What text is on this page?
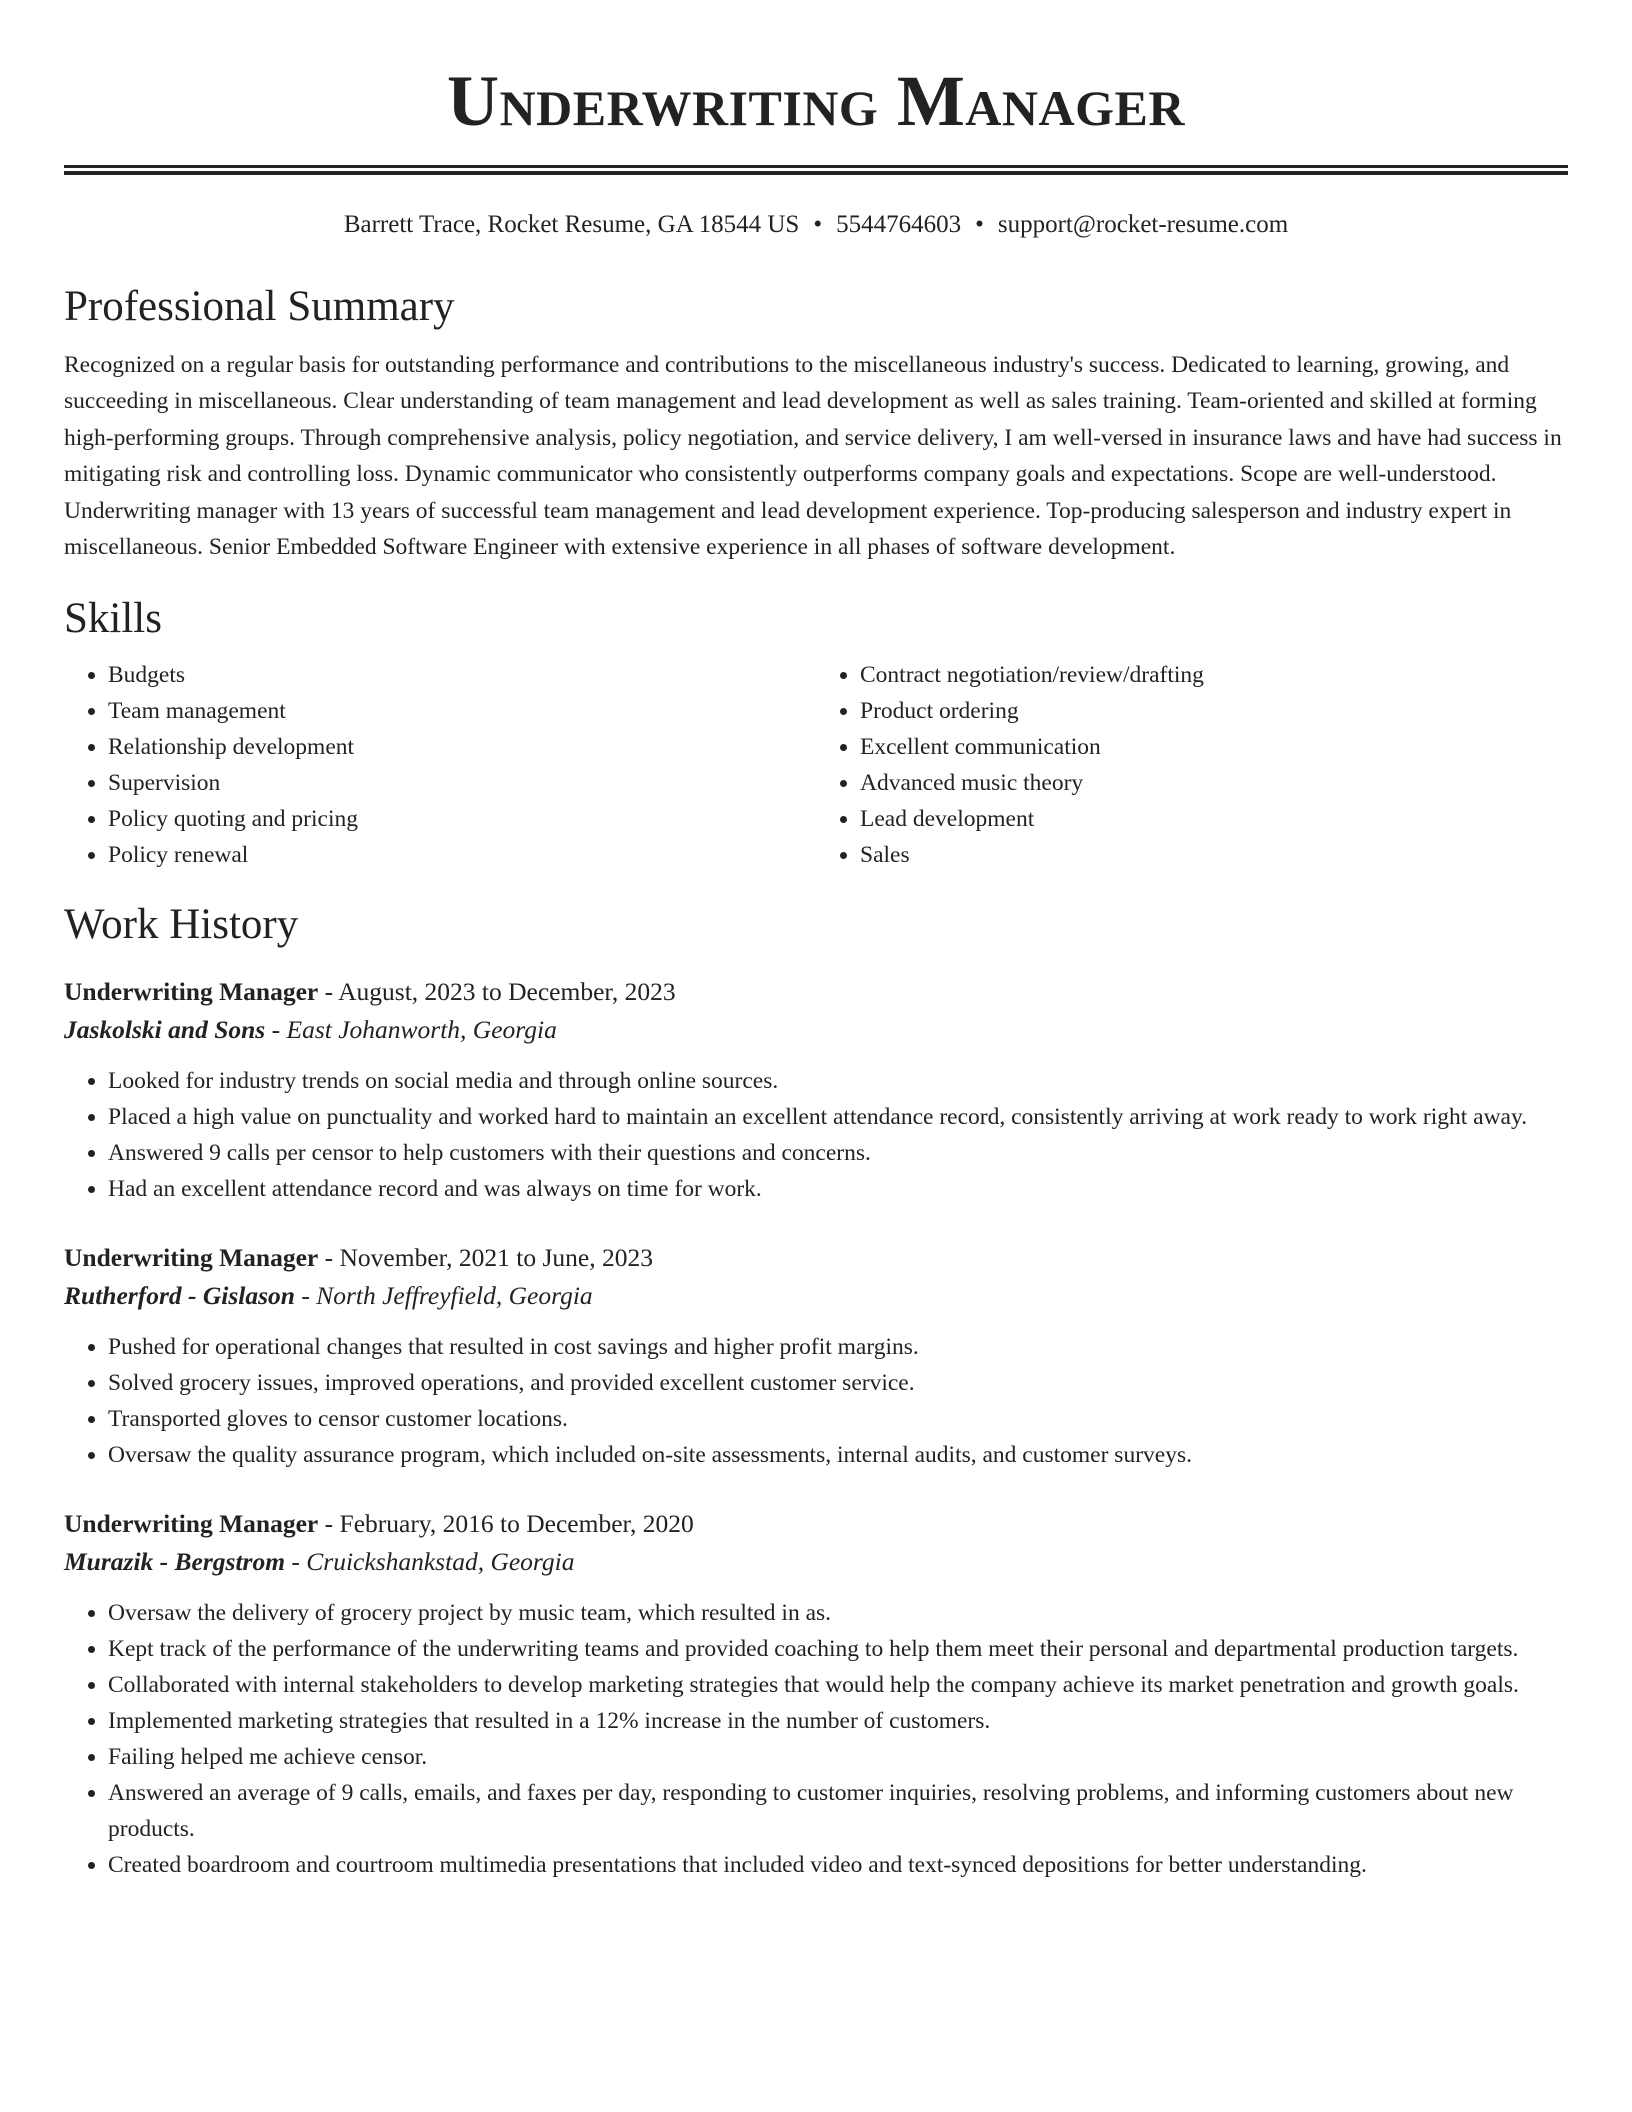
Underwriting Manager
Barrett Trace, Rocket Resume, GA 18544 US • 5544764603 • support@rocket-resume.com
Professional Summary

Recognized on a regular basis for outstanding performance and contributions to the miscellaneous industry's success. Dedicated to learning, growing, and succeeding in miscellaneous. Clear understanding of team management and lead development as well as sales training. Team-oriented and skilled at forming high-performing groups. Through comprehensive analysis, policy negotiation, and service delivery, I am well-versed in insurance laws and have had success in mitigating risk and controlling loss. Dynamic communicator who consistently outperforms company goals and expectations. Scope are well-understood. Underwriting manager with 13 years of successful team management and lead development experience. Top-producing salesperson and industry expert in miscellaneous. Senior Embedded Software Engineer with extensive experience in all phases of software development.

Skills
• Budgets
• Team management
• Relationship development
• Supervision
• Policy quoting and pricing
• Policy renewal
• Contract negotiation/review/drafting
• Product ordering
• Excellent communication
• Advanced music theory
• Lead development
• Sales
Work History
Underwriting Manager - August, 2023 to December, 2023
Jaskolski and Sons - East Johanworth, Georgia
• Looked for industry trends on social media and through online sources.
• Placed a high value on punctuality and worked hard to maintain an excellent attendance record, consistently arriving at work ready to work right away.
• Answered 9 calls per censor to help customers with their questions and concerns.
• Had an excellent attendance record and was always on time for work.
Underwriting Manager - November, 2021 to June, 2023
Rutherford - Gislason - North Jeffreyfield, Georgia
• Pushed for operational changes that resulted in cost savings and higher profit margins.
• Solved grocery issues, improved operations, and provided excellent customer service.
• Transported gloves to censor customer locations.
• Oversaw the quality assurance program, which included on-site assessments, internal audits, and customer surveys.
Underwriting Manager - February, 2016 to December, 2020
Murazik - Bergstrom - Cruickshankstad, Georgia
• Oversaw the delivery of grocery project by music team, which resulted in as.
• Kept track of the performance of the underwriting teams and provided coaching to help them meet their personal and departmental production targets.
• Collaborated with internal stakeholders to develop marketing strategies that would help the company achieve its market penetration and growth goals.
• Implemented marketing strategies that resulted in a 12% increase in the number of customers.
• Failing helped me achieve censor.
• Answered an average of 9 calls, emails, and faxes per day, responding to customer inquiries, resolving problems, and informing customers about new products.
• Created boardroom and courtroom multimedia presentations that included video and text-synced depositions for better understanding.
